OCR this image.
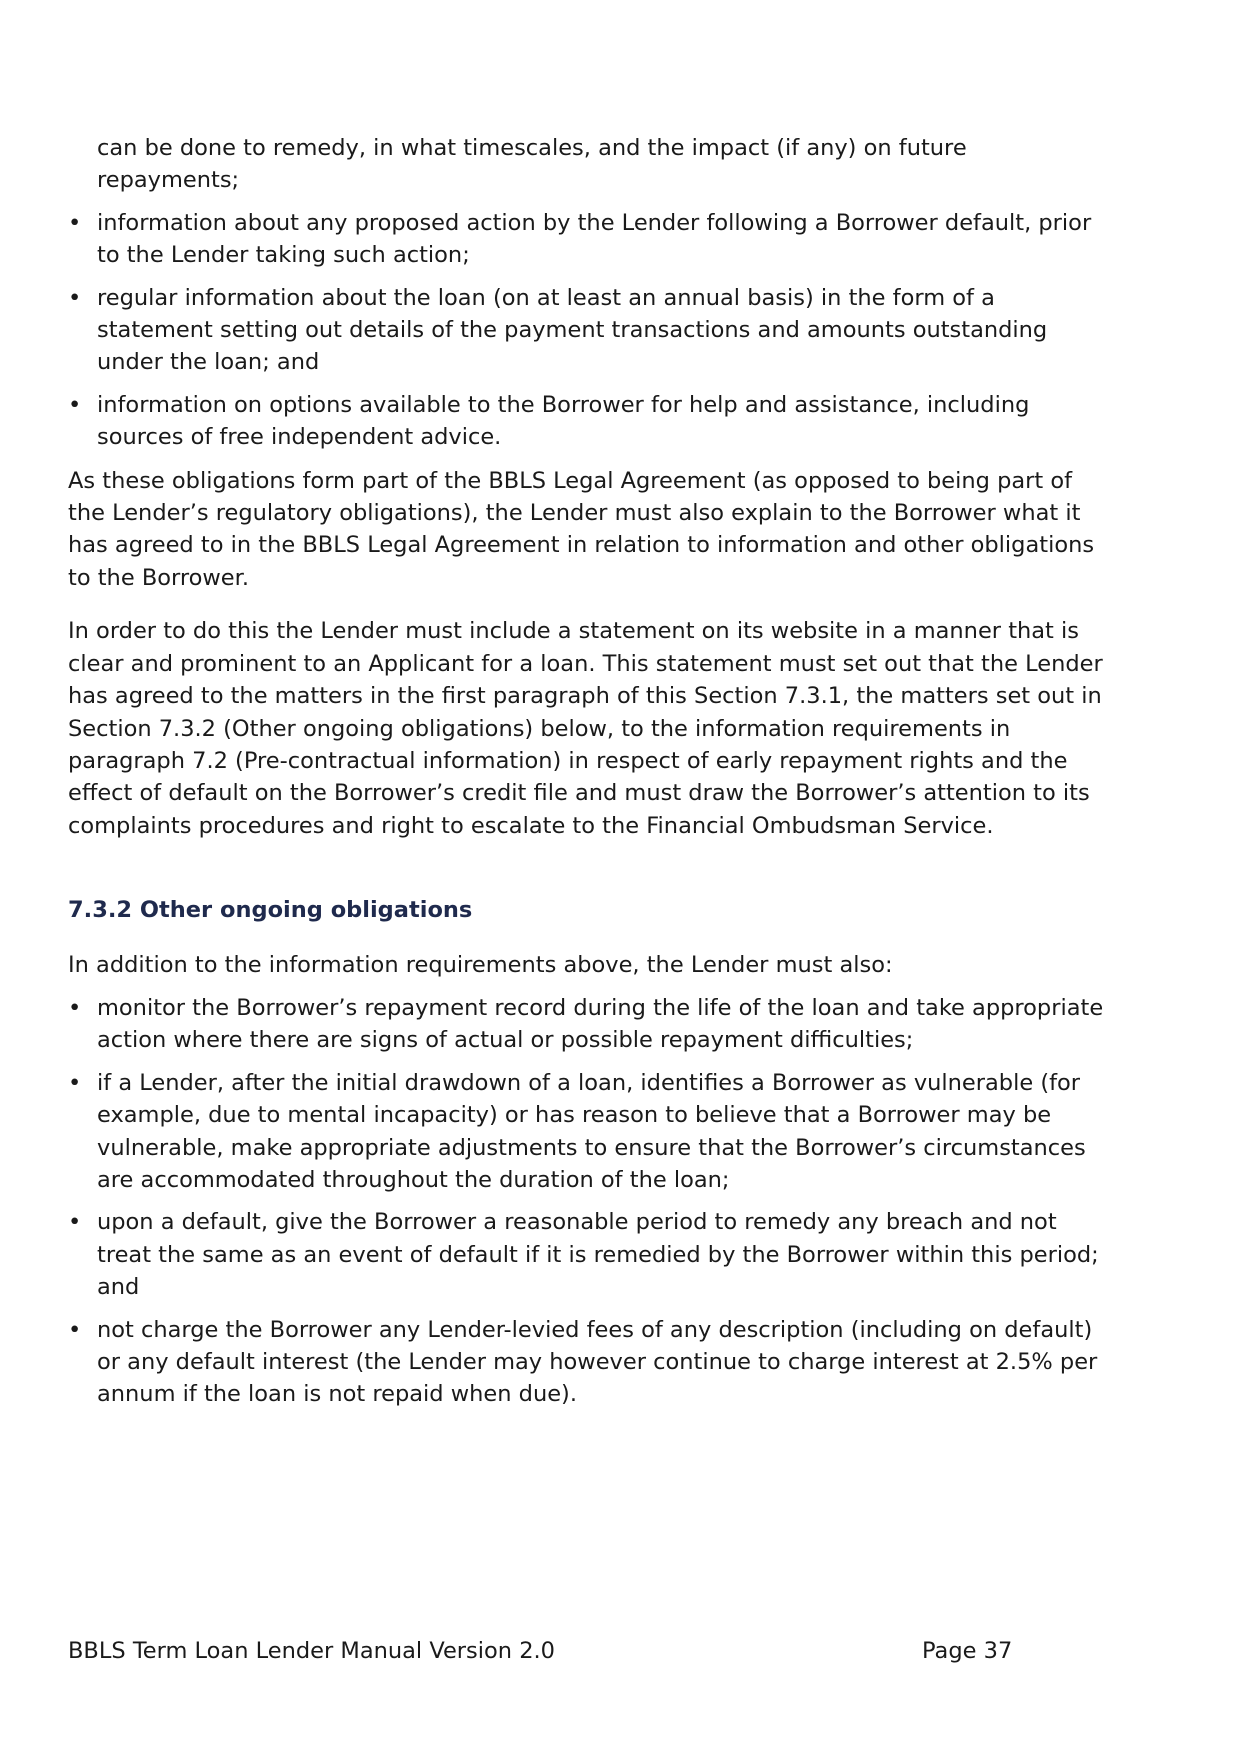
can be done to remedy, in what timescales, and the impact (if any) on future repayments;

• information about any proposed action by the Lender following a Borrower default, prior to the Lender taking such action;
• regular information about the loan (on at least an annual basis) in the form of a statement setting out details of the payment transactions and amounts outstanding under the loan; and
• information on options available to the Borrower for help and assistance, including sources of free independent advice.

As these obligations form part of the BBLS Legal Agreement (as opposed to being part of the Lender’s regulatory obligations), the Lender must also explain to the Borrower what it has agreed to in the BBLS Legal Agreement in relation to information and other obligations to the Borrower.

In order to do this the Lender must include a statement on its website in a manner that is clear and prominent to an Applicant for a loan. This statement must set out that the Lender has agreed to the matters in the first paragraph of this Section 7.3.1, the matters set out in Section 7.3.2 (Other ongoing obligations) below, to the information requirements in paragraph 7.2 (Pre-contractual information) in respect of early repayment rights and the effect of default on the Borrower’s credit file and must draw the Borrower’s attention to its complaints procedures and right to escalate to the Financial Ombudsman Service.

7.3.2 Other ongoing obligations

In addition to the information requirements above, the Lender must also:

• monitor the Borrower’s repayment record during the life of the loan and take appropriate action where there are signs of actual or possible repayment difficulties;
• if a Lender, after the initial drawdown of a loan, identifies a Borrower as vulnerable (for example, due to mental incapacity) or has reason to believe that a Borrower may be vulnerable, make appropriate adjustments to ensure that the Borrower’s circumstances are accommodated throughout the duration of the loan;
• upon a default, give the Borrower a reasonable period to remedy any breach and not treat the same as an event of default if it is remedied by the Borrower within this period; and
• not charge the Borrower any Lender-levied fees of any description (including on default) or any default interest (the Lender may however continue to charge interest at 2.5% per annum if the loan is not repaid when due).
BBLS Term Loan Lender Manual Version 2.0	Page 37
